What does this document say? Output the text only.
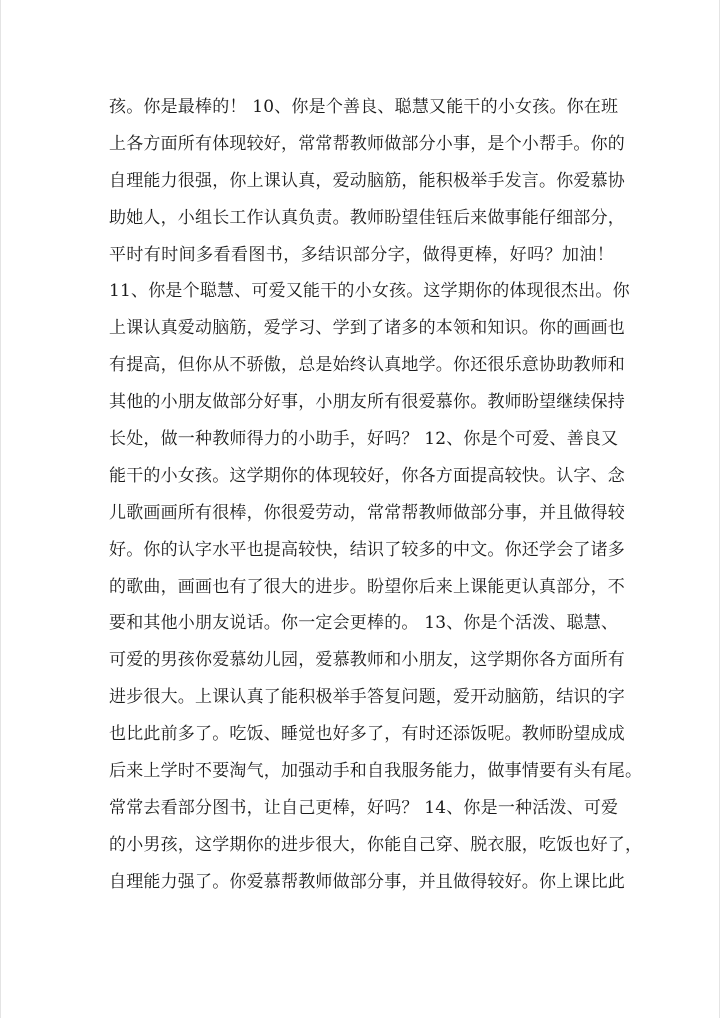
孩。你是最棒的！ 10、你是个善良、聪慧又能干的小女孩。你在班
上各方面所有体现较好，常常帮教师做部分小事，是个小帮手。你的
自理能力很强，你上课认真，爱动脑筋，能积极举手发言。你爱慕协
助她人，小组长工作认真负责。教师盼望佳钰后来做事能仔细部分，
平时有时间多看看图书，多结识部分字，做得更棒，好吗？加油！
11、你是个聪慧、可爱又能干的小女孩。这学期你的体现很杰出。你
上课认真爱动脑筋，爱学习、学到了诸多的本领和知识。你的画画也
有提高，但你从不骄傲，总是始终认真地学。你还很乐意协助教师和
其他的小朋友做部分好事，小朋友所有很爱慕你。教师盼望继续保持
长处，做一种教师得力的小助手，好吗？ 12、你是个可爱、善良又
能干的小女孩。这学期你的体现较好，你各方面提高较快。认字、念
儿歌画画所有很棒，你很爱劳动，常常帮教师做部分事，并且做得较
好。你的认字水平也提高较快，结识了较多的中文。你还学会了诸多
的歌曲，画画也有了很大的进步。盼望你后来上课能更认真部分，不
要和其他小朋友说话。你一定会更棒的。 13、你是个活泼、聪慧、
可爱的男孩你爱慕幼儿园，爱慕教师和小朋友，这学期你各方面所有
进步很大。上课认真了能积极举手答复问题，爱开动脑筋，结识的字
也比此前多了。吃饭、睡觉也好多了，有时还添饭呢。教师盼望成成
后来上学时不要淘气，加强动手和自我服务能力，做事情要有头有尾。
常常去看部分图书，让自己更棒，好吗？ 14、你是一种活泼、可爱
的小男孩，这学期你的进步很大，你能自己穿、脱衣服，吃饭也好了，
自理能力强了。你爱慕帮教师做部分事，并且做得较好。你上课比此
